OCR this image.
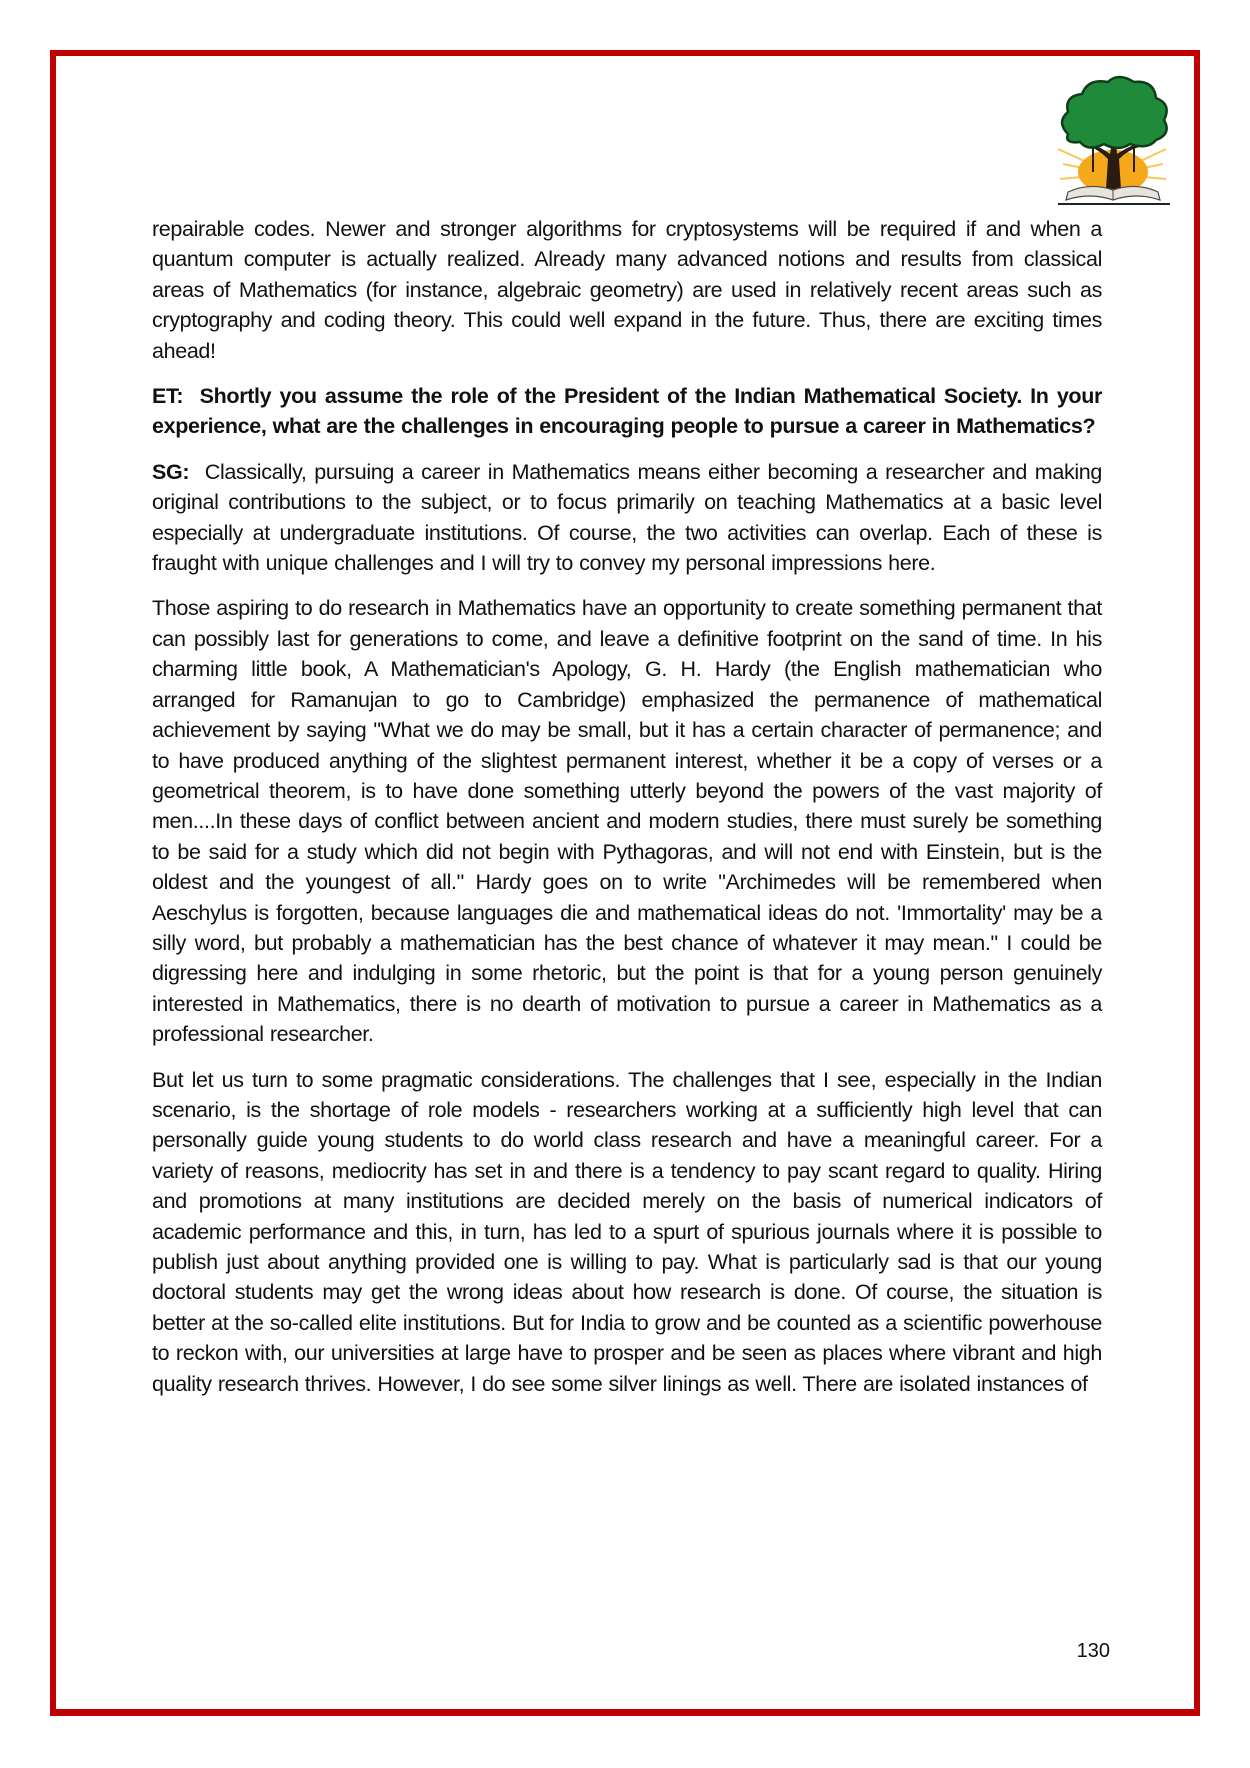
repairable codes. Newer and stronger algorithms for cryptosystems will be required if and when a quantum computer is actually realized. Already many advanced notions and results from classical areas of Mathematics (for instance, algebraic geometry) are used in relatively recent areas such as cryptography and coding theory. This could well expand in the future. Thus, there are exciting times ahead!

ET: Shortly you assume the role of the President of the Indian Mathematical Society. In your experience, what are the challenges in encouraging people to pursue a career in Mathematics?

SG: Classically, pursuing a career in Mathematics means either becoming a researcher and making original contributions to the subject, or to focus primarily on teaching Mathematics at a basic level especially at undergraduate institutions. Of course, the two activities can overlap. Each of these is fraught with unique challenges and I will try to convey my personal impressions here.

Those aspiring to do research in Mathematics have an opportunity to create something permanent that can possibly last for generations to come, and leave a definitive footprint on the sand of time. In his charming little book, A Mathematician's Apology, G. H. Hardy (the English mathematician who arranged for Ramanujan to go to Cambridge) emphasized the permanence of mathematical achievement by saying "What we do may be small, but it has a certain character of permanence; and to have produced anything of the slightest permanent interest, whether it be a copy of verses or a geometrical theorem, is to have done something utterly beyond the powers of the vast majority of men....In these days of conflict between ancient and modern studies, there must surely be something to be said for a study which did not begin with Pythagoras, and will not end with Einstein, but is the oldest and the youngest of all." Hardy goes on to write "Archimedes will be remembered when Aeschylus is forgotten, because languages die and mathematical ideas do not. 'Immortality' may be a silly word, but probably a mathematician has the best chance of whatever it may mean." I could be digressing here and indulging in some rhetoric, but the point is that for a young person genuinely interested in Mathematics, there is no dearth of motivation to pursue a career in Mathematics as a professional researcher.

But let us turn to some pragmatic considerations. The challenges that I see, especially in the Indian scenario, is the shortage of role models - researchers working at a sufficiently high level that can personally guide young students to do world class research and have a meaningful career. For a variety of reasons, mediocrity has set in and there is a tendency to pay scant regard to quality. Hiring and promotions at many institutions are decided merely on the basis of numerical indicators of academic performance and this, in turn, has led to a spurt of spurious journals where it is possible to publish just about anything provided one is willing to pay. What is particularly sad is that our young doctoral students may get the wrong ideas about how research is done. Of course, the situation is better at the so-called elite institutions. But for India to grow and be counted as a scientific powerhouse to reckon with, our universities at large have to prosper and be seen as places where vibrant and high quality research thrives. However, I do see some silver linings as well. There are isolated instances of

130
